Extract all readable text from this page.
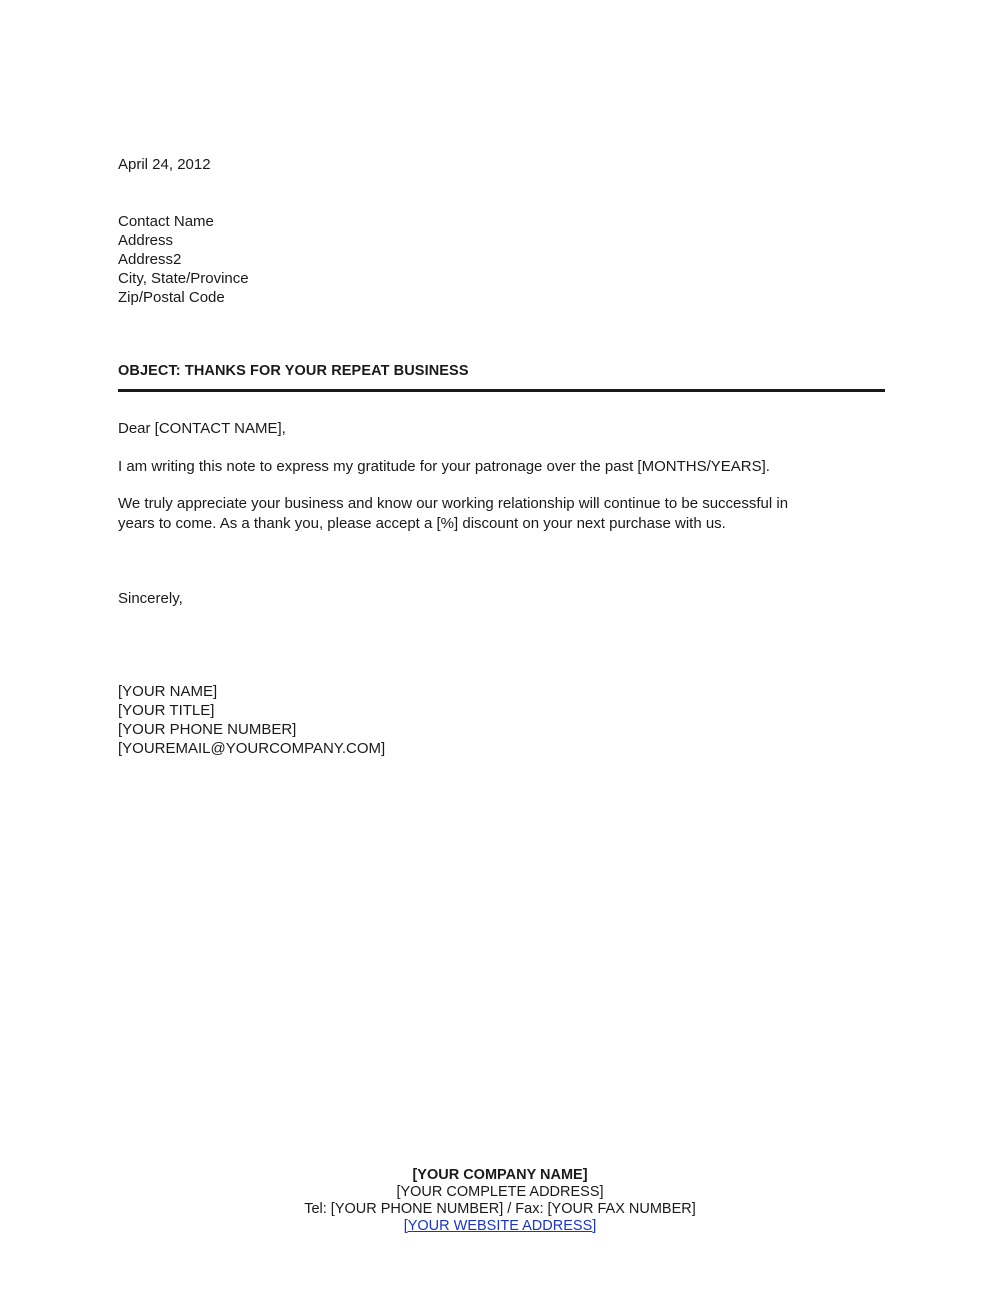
April 24, 2012
Contact Name
Address
Address2
City, State/Province
Zip/Postal Code
OBJECT: THANKS FOR YOUR REPEAT BUSINESS
Dear [CONTACT NAME],
I am writing this note to express my gratitude for your patronage over the past [MONTHS/YEARS].
We truly appreciate your business and know our working relationship will continue to be successful in
years to come. As a thank you, please accept a [%] discount on your next purchase with us.
Sincerely,
[YOUR NAME]
[YOUR TITLE]
[YOUR PHONE NUMBER]
[YOUREMAIL@YOURCOMPANY.COM]
[YOUR COMPANY NAME]
[YOUR COMPLETE ADDRESS]
Tel: [YOUR PHONE NUMBER] / Fax: [YOUR FAX NUMBER]
[YOUR WEBSITE ADDRESS]
